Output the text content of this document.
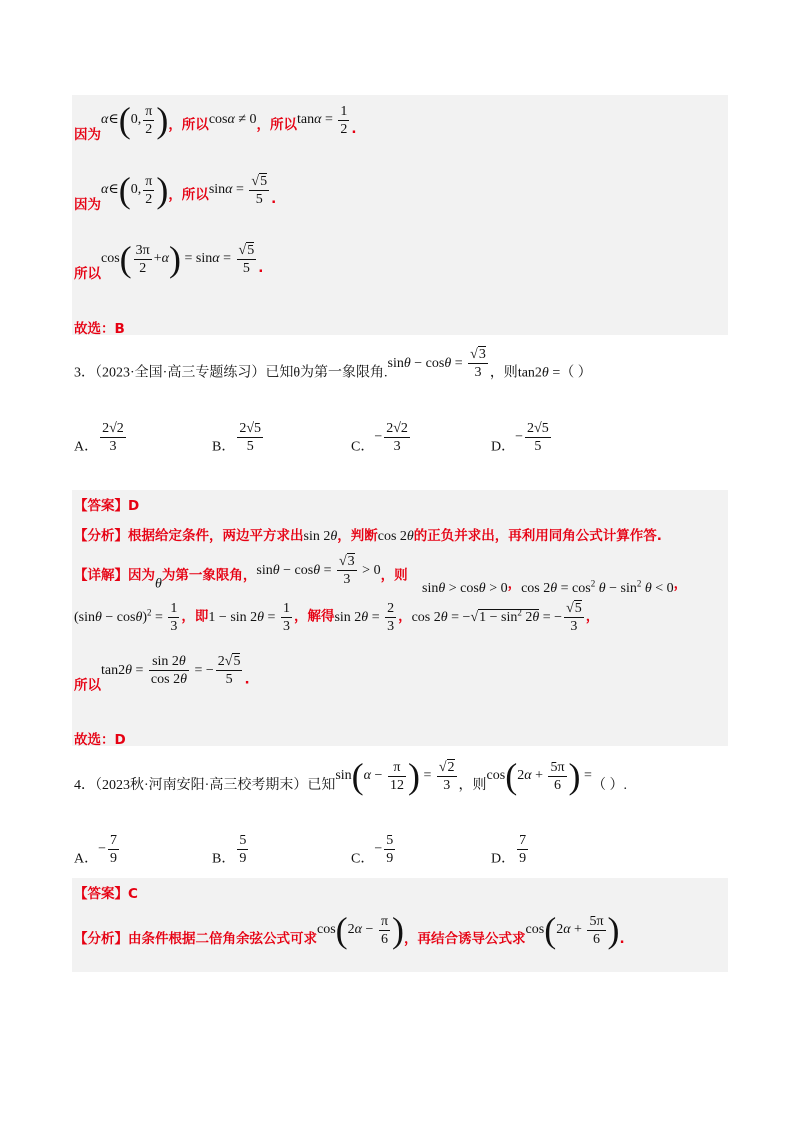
因为α∈(0, $\frac{\pi}{2}$ )，所以cosα ≠ 0，所以$\tan\alpha = \frac{1}{2}$ .
因为α∈(0, $\frac{\pi}{2}$ )，所以$\sin\alpha = \frac{√5}{5}$ .
所以$\cos( \frac{3\pi}{2} +\alpha) = \sin\alpha = \frac{√5}{5}$ .
故选：B
3．（2023·全国·高三专题练习）已知θ为第一象限角$.\sin\theta - \cos\theta = \frac{√3}{3}$ ，则tan2θ =（ ）
A． $\frac{2√2}{3}$	B． $\frac{2√5}{5}$	C．− $\frac{2√2}{3}$	D．− $\frac{2√5}{5}$
【答案】D
【分析】根据给定条件，两边平方求出sin 2θ，判断cos 2θ的正负并求出，再利用同角公式计算作答.
【详解】因为θ为第一象限角，$\sin\theta - \cos\theta = \frac{√3}{3} > 0$，则
sinθ > cosθ > 0，$\cos 2\theta = \cos^2 \theta - \sin^2 \theta < 0$，
$(\sin\theta - \cos\theta)^2 = \frac{1}{3}$ ，即$1 - \sin 2\theta = \frac{1}{3}$ ，解得$\sin 2\theta = \frac{2}{3}$ ，$\cos 2\theta = -√1 - \sin^2 2\theta$ = − $\frac{√5}{3}$ ，
所以$\tan 2\theta = \frac{\sin 2\theta}{\cos 2\theta}$ = − $\frac{2√5}{5}$ .
故选：D
4．（2023秋·河南安阳·高三校考期末）已知$\sin(\alpha - \frac{\pi}{12}$ ) = $\frac{√2}{3}$ ，则$\cos(2\alpha + \frac{5\pi}{6}$ ) =（ ）.
A．− $\frac{7}{9}$	B． $\frac{5}{9}$	C．− $\frac{5}{9}$	D． $\frac{7}{9}$
【答案】C
【分析】由条件根据二倍角余弦公式可求$\cos(2\alpha - \frac{\pi}{6}$ )，再结合诱导公式求$\cos(2\alpha + \frac{5\pi}{6}$ ).
